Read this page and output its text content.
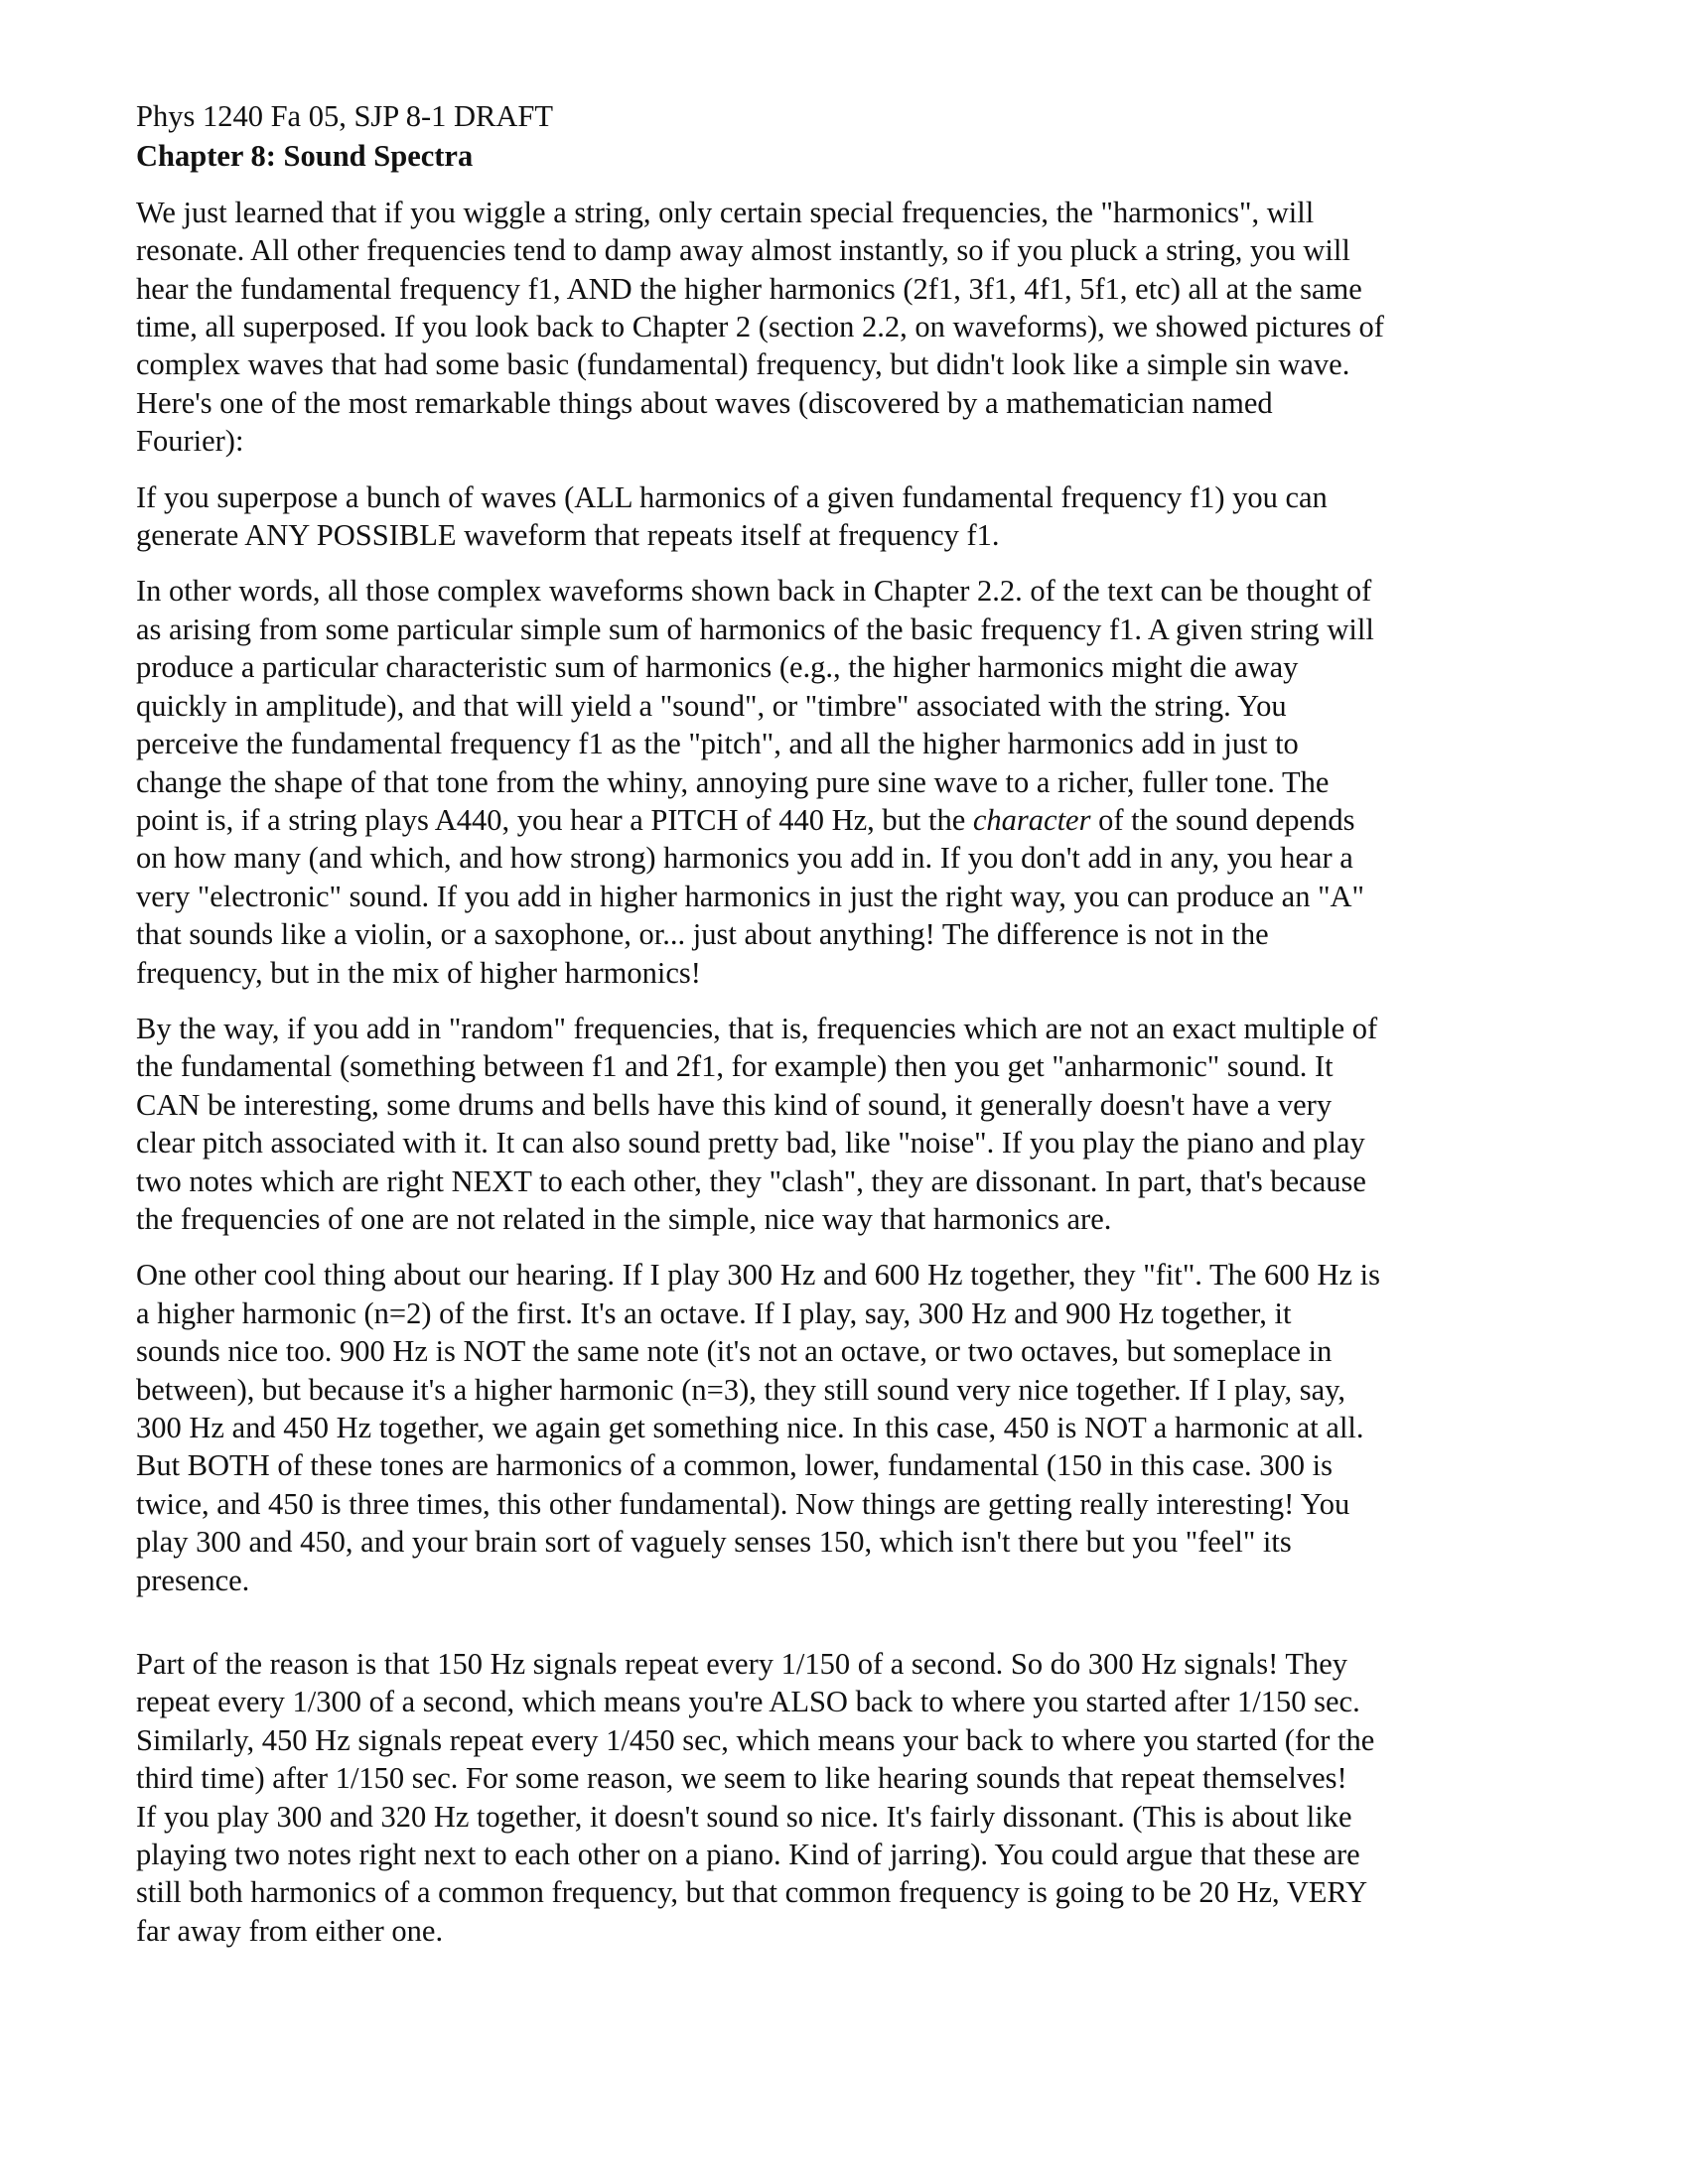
Phys 1240 Fa 05, SJP 8-1 DRAFT

Chapter 8: Sound Spectra

We just learned that if you wiggle a string, only certain special frequencies, the "harmonics", will
resonate. All other frequencies tend to damp away almost instantly, so if you pluck a string, you will
hear the fundamental frequency f1, AND the higher harmonics (2f1, 3f1, 4f1, 5f1, etc) all at the same
time, all superposed. If you look back to Chapter 2 (section 2.2, on waveforms), we showed pictures of
complex waves that had some basic (fundamental) frequency, but didn't look like a simple sin wave.
Here's one of the most remarkable things about waves (discovered by a mathematician named
Fourier):

If you superpose a bunch of waves (ALL harmonics of a given fundamental frequency f1) you can
generate ANY POSSIBLE waveform that repeats itself at frequency f1.

In other words, all those complex waveforms shown back in Chapter 2.2. of the text can be thought of
as arising from some particular simple sum of harmonics of the basic frequency f1. A given string will
produce a particular characteristic sum of harmonics (e.g., the higher harmonics might die away
quickly in amplitude), and that will yield a "sound", or "timbre" associated with the string. You
perceive the fundamental frequency f1 as the "pitch", and all the higher harmonics add in just to
change the shape of that tone from the whiny, annoying pure sine wave to a richer, fuller tone. The
point is, if a string plays A440, you hear a PITCH of 440 Hz, but the character of the sound depends
on how many (and which, and how strong) harmonics you add in. If you don't add in any, you hear a
very "electronic" sound. If you add in higher harmonics in just the right way, you can produce an "A"
that sounds like a violin, or a saxophone, or... just about anything! The difference is not in the
frequency, but in the mix of higher harmonics!

By the way, if you add in "random" frequencies, that is, frequencies which are not an exact multiple of
the fundamental (something between f1 and 2f1, for example) then you get "anharmonic" sound. It
CAN be interesting, some drums and bells have this kind of sound, it generally doesn't have a very
clear pitch associated with it. It can also sound pretty bad, like "noise". If you play the piano and play
two notes which are right NEXT to each other, they "clash", they are dissonant. In part, that's because
the frequencies of one are not related in the simple, nice way that harmonics are.

One other cool thing about our hearing. If I play 300 Hz and 600 Hz together, they "fit". The 600 Hz is
a higher harmonic (n=2) of the first. It's an octave. If I play, say, 300 Hz and 900 Hz together, it
sounds nice too. 900 Hz is NOT the same note (it's not an octave, or two octaves, but someplace in
between), but because it's a higher harmonic (n=3), they still sound very nice together. If I play, say,
300 Hz and 450 Hz together, we again get something nice. In this case, 450 is NOT a harmonic at all.
But BOTH of these tones are harmonics of a common, lower, fundamental (150 in this case. 300 is
twice, and 450 is three times, this other fundamental). Now things are getting really interesting! You
play 300 and 450, and your brain sort of vaguely senses 150, which isn't there but you "feel" its
presence.

Part of the reason is that 150 Hz signals repeat every 1/150 of a second. So do 300 Hz signals! They
repeat every 1/300 of a second, which means you're ALSO back to where you started after 1/150 sec.
Similarly, 450 Hz signals repeat every 1/450 sec, which means your back to where you started (for the
third time) after 1/150 sec. For some reason, we seem to like hearing sounds that repeat themselves!
If you play 300 and 320 Hz together, it doesn't sound so nice. It's fairly dissonant. (This is about like
playing two notes right next to each other on a piano. Kind of jarring). You could argue that these are
still both harmonics of a common frequency, but that common frequency is going to be 20 Hz, VERY
far away from either one.
